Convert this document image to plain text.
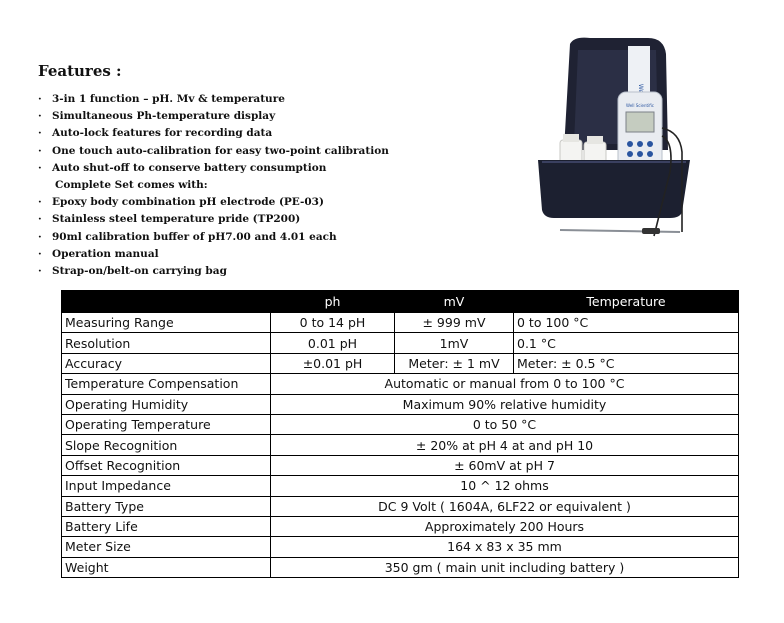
Features :
· 3-in 1 function – pH. Mv & temperature
· Simultaneous Ph-temperature display
· Auto-lock features for recording data
· One touch auto-calibration for easy two-point calibration
· Auto shut-off to conserve battery consumption
Complete Set comes with:
· Epoxy body combination pH electrode (PE-03)
· Stainless steel temperature pride (TP200)
· 90ml calibration buffer of pH7.00 and 4.01 each
· Operation manual
· Strap-on/belt-on carrying bag
Well Scientific
	ph	mV	Temperature
Measuring Range	0 to 14 pH	± 999 mV	0 to 100 °C
Resolution	0.01 pH	1mV	0.1 °C
Accuracy	±0.01 pH	Meter: ± 1 mV	Meter: ± 0.5 °C
Temperature Compensation	Automatic or manual from 0 to 100 °C		
Operating Humidity	Maximum 90% relative humidity		
Operating Temperature	0 to 50 °C		
Slope Recognition	± 20% at pH 4 at and pH 10		
Offset Recognition	± 60mV at pH 7		
Input Impedance	10 ^ 12 ohms		
Battery Type	DC 9 Volt ( 1604A, 6LF22 or equivalent )		
Battery Life	Approximately 200 Hours		
Meter Size	164 x 83 x 35 mm		
Weight	350 gm ( main unit including battery )		
